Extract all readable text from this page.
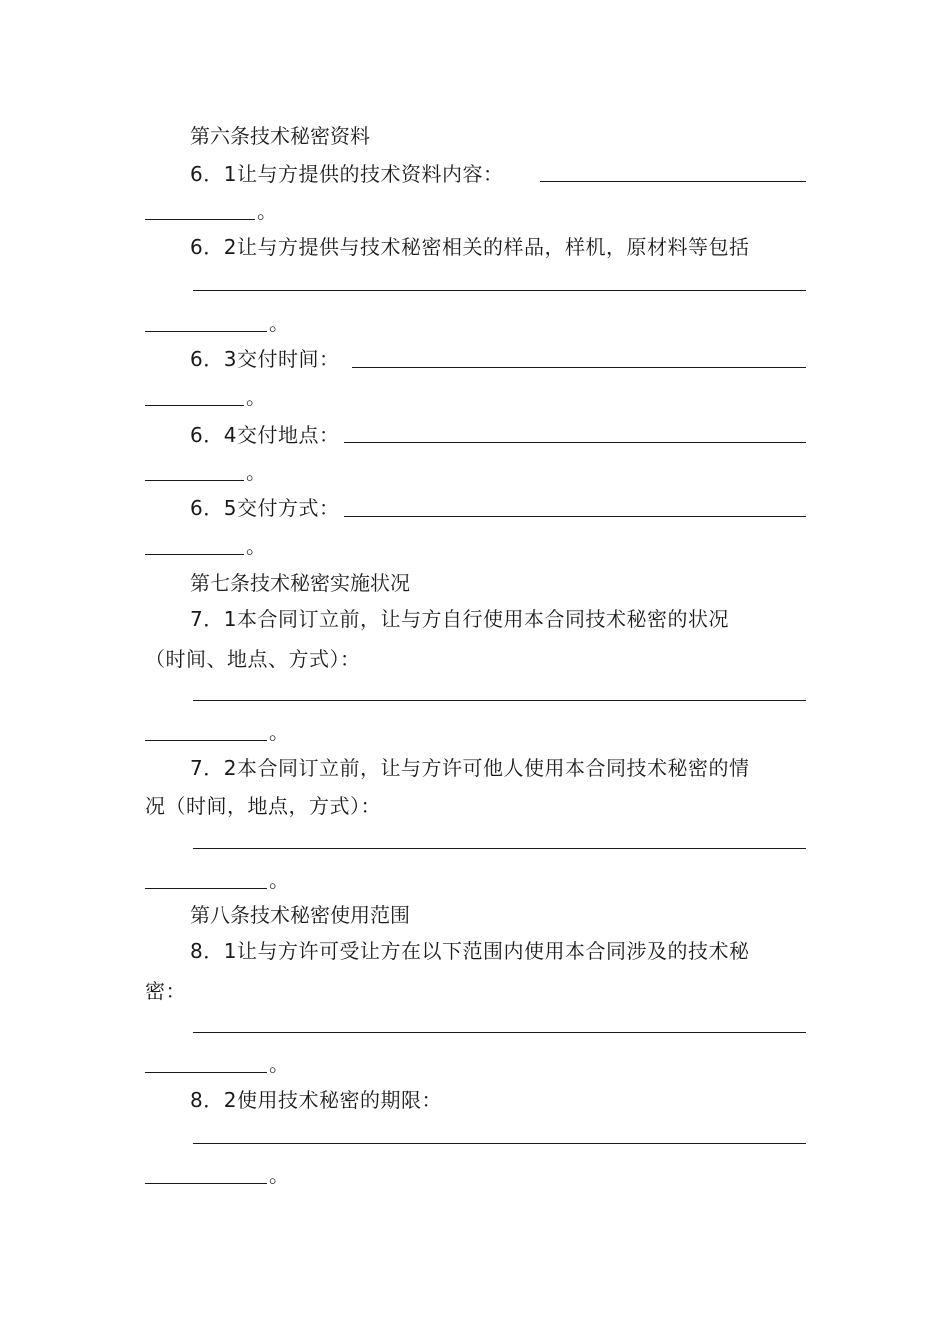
第六条技术秘密资料
6．1让与方提供的技术资料内容：
。
6．2让与方提供与技术秘密相关的样品，样机，原材料等包括
。
6．3交付时间：
。
6．4交付地点：
。
6．5交付方式：
。
第七条技术秘密实施状况
7．1本合同订立前，让与方自行使用本合同技术秘密的状况
（时间、地点、方式）：
。
7．2本合同订立前，让与方许可他人使用本合同技术秘密的情
况（时间，地点，方式）：
。
第八条技术秘密使用范围
8．1让与方许可受让方在以下范围内使用本合同涉及的技术秘
密：
。
8．2使用技术秘密的期限：
。
